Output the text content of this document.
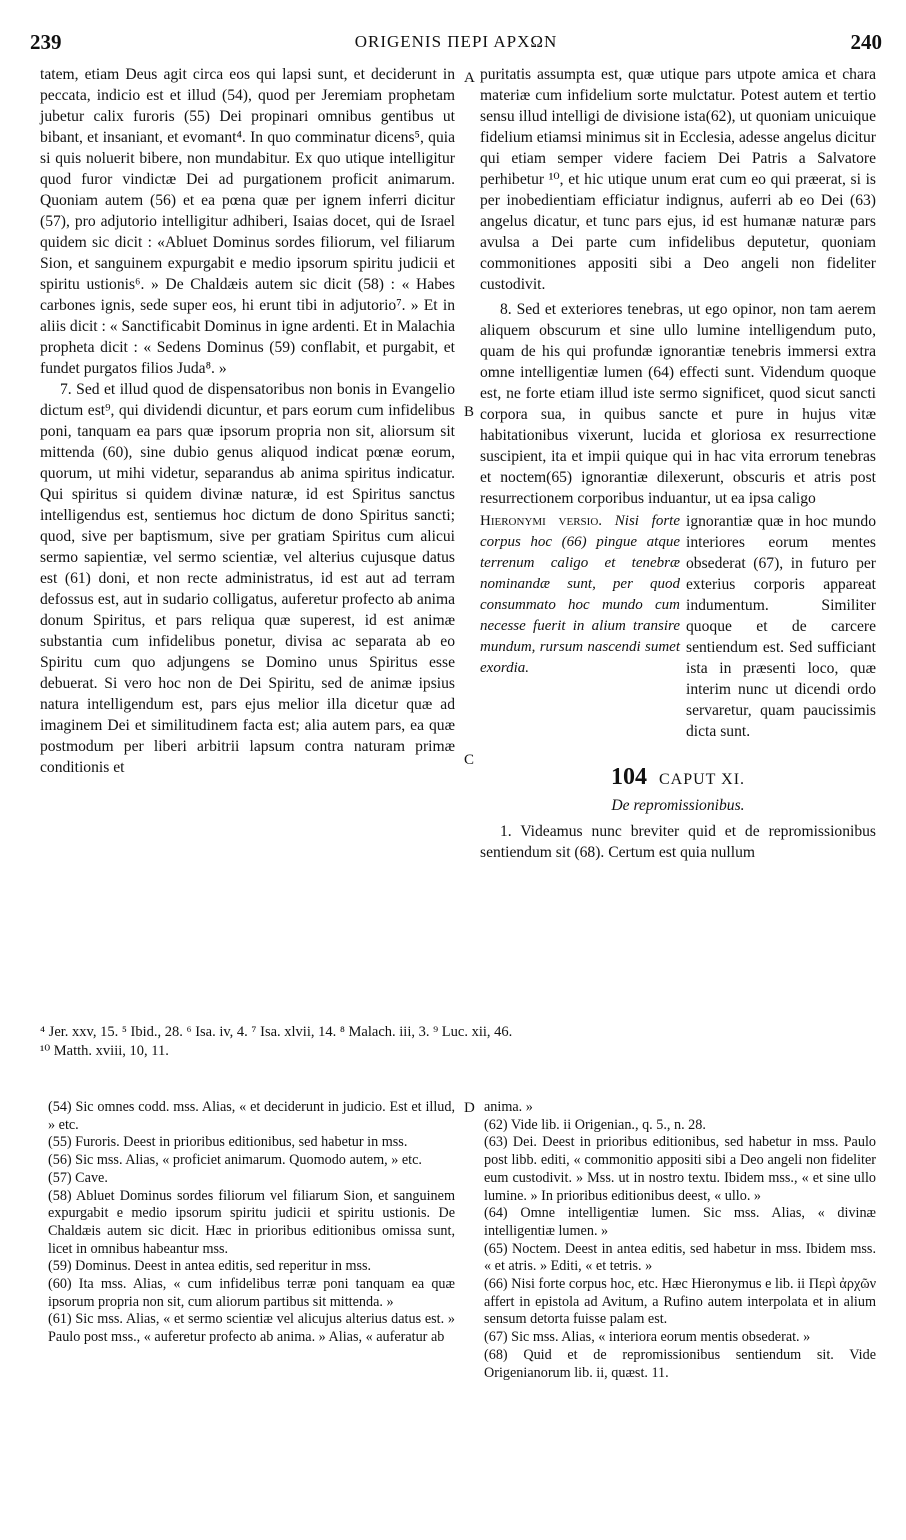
239	ORIGENIS ΠΕΡΙ ΑΡΧΩΝ	240
A
B
C
D

tatem, etiam Deus agit circa eos qui lapsi sunt, et deciderunt in peccata, indicio est et illud (54), quod per Jeremiam prophetam jubetur calix furoris (55) Dei propinari omnibus gentibus ut bibant, et insaniant, et evomant⁴. In quo comminatur dicens⁵, quia si quis noluerit bibere, non mundabitur. Ex quo utique intelligitur quod furor vindictæ Dei ad purgationem proficit animarum. Quoniam autem (56) et ea pœna quæ per ignem inferri dicitur (57), pro adjutorio intelligitur adhiberi, Isaias docet, qui de Israel quidem sic dicit : «Abluet Dominus sordes filiorum, vel filiarum Sion, et sanguinem expurgabit e medio ipsorum spiritu judicii et spiritu ustionis⁶. » De Chaldæis autem sic dicit (58) : « Habes carbones ignis, sede super eos, hi erunt tibi in adjutorio⁷. » Et in aliis dicit : « Sanctificabit Dominus in igne ardenti. Et in Malachia propheta dicit : « Sedens Dominus (59) conflabit, et purgabit, et fundet purgatos filios Juda⁸. »

7. Sed et illud quod de dispensatoribus non bonis in Evangelio dictum est⁹, qui dividendi dicuntur, et pars eorum cum infidelibus poni, tanquam ea pars quæ ipsorum propria non sit, aliorsum sit mittenda (60), sine dubio genus aliquod indicat pœnæ eorum, quorum, ut mihi videtur, separandus ab anima spiritus indicatur. Qui spiritus si quidem divinæ naturæ, id est Spiritus sanctus intelligendus est, sentiemus hoc dictum de dono Spiritus sancti; quod, sive per baptismum, sive per gratiam Spiritus cum alicui sermo sapientiæ, vel sermo scientiæ, vel alterius cujusque datus est (61) doni, et non recte administratus, id est aut ad terram defossus est, aut in sudario colligatus, auferetur profecto ab anima donum Spiritus, et pars reliqua quæ superest, id est animæ substantia cum infidelibus ponetur, divisa ac separata ab eo Spiritu cum quo adjungens se Domino unus Spiritus esse debuerat. Si vero hoc non de Dei Spiritu, sed de animæ ipsius natura intelligendum est, pars ejus melior illa dicetur quæ ad imaginem Dei et similitudinem facta est; alia autem pars, ea quæ postmodum per liberi arbitrii lapsum contra naturam primæ conditionis et

puritatis assumpta est, quæ utique pars utpote amica et chara materiæ cum infidelium sorte mulctatur. Potest autem et tertio sensu illud intelligi de divisione ista(62), ut quoniam unicuique fidelium etiamsi minimus sit in Ecclesia, adesse angelus dicitur qui etiam semper videre faciem Dei Patris a Salvatore perhibetur ¹⁰, et hic utique unum erat cum eo qui præerat, si is per inobedientiam efficiatur indignus, auferri ab eo Dei (63) angelus dicatur, et tunc pars ejus, id est humanæ naturæ pars avulsa a Dei parte cum infidelibus deputetur, quoniam commonitiones appositi sibi a Deo angeli non fideliter custodivit.

8. Sed et exteriores tenebras, ut ego opinor, non tam aerem aliquem obscurum et sine ullo lumine intelligendum puto, quam de his qui profundæ ignorantiæ tenebris immersi extra omne intelligentiæ lumen (64) effecti sunt. Videndum quoque est, ne forte etiam illud iste sermo significet, quod sicut sancti corpora sua, in quibus sancte et pure in hujus vitæ habitationibus vixerunt, lucida et gloriosa ex resurrectione suscipient, ita et impii quique qui in hac vita errorum tenebras et noctem(65) ignorantiæ dilexerunt, obscuris et atris post resurrectionem corporibus induantur, ut ea ipsa caligo

Hieronymi versio. Nisi forte corpus hoc (66) pingue atque terrenum caligo et tenebræ nominandæ sunt, per quod consummato hoc mundo cum necesse fuerit in alium transire mundum, rursum nascendi sumet exordia.
ignorantiæ quæ in hoc mundo interiores eorum mentes obsederat (67), in futuro per exterius corporis appareat indumentum. Similiter quoque et de carcere sentiendum est. Sed sufficiant ista in præsenti loco, quæ interim nunc ut dicendi ordo servaretur, quam paucissimis dicta sunt.
104 CAPUT XI.
De repromissionibus.

1. Videamus nunc breviter quid et de repromissionibus sentiendum sit (68). Certum est quia nullum

⁴ Jer. xxv, 15. ⁵ Ibid., 28. ⁶ Isa. iv, 4. ⁷ Isa. xlvii, 14. ⁸ Malach. iii, 3. ⁹ Luc. xii, 46.

¹⁰ Matth. xviii, 10, 11.

(54) Sic omnes codd. mss. Alias, « et deciderunt in judicio. Est et illud, » etc.

(55) Furoris. Deest in prioribus editionibus, sed habetur in mss.

(56) Sic mss. Alias, « proficiet animarum. Quomodo autem, » etc.

(57) Cave.

(58) Abluet Dominus sordes filiorum vel filiarum Sion, et sanguinem expurgabit e medio ipsorum spiritu judicii et spiritu ustionis. De Chaldæis autem sic dicit. Hæc in prioribus editionibus omissa sunt, licet in omnibus habeantur mss.

(59) Dominus. Deest in antea editis, sed reperitur in mss.

(60) Ita mss. Alias, « cum infidelibus terræ poni tanquam ea quæ ipsorum propria non sit, cum aliorum partibus sit mittenda. »

(61) Sic mss. Alias, « et sermo scientiæ vel alicujus alterius datus est. » Paulo post mss., « auferetur profecto ab anima. » Alias, « auferatur ab

anima. »

(62) Vide lib. ii Origenian., q. 5., n. 28.

(63) Dei. Deest in prioribus editionibus, sed habetur in mss. Paulo post libb. editi, « commonitio appositi sibi a Deo angeli non fideliter eum custodivit. » Mss. ut in nostro textu. Ibidem mss., « et sine ullo lumine. » In prioribus editionibus deest, « ullo. »

(64) Omne intelligentiæ lumen. Sic mss. Alias, « divinæ intelligentiæ lumen. »

(65) Noctem. Deest in antea editis, sed habetur in mss. Ibidem mss. « et atris. » Editi, « et tetris. »

(66) Nisi forte corpus hoc, etc. Hæc Hieronymus e lib. ii Περὶ ἀρχῶν affert in epistola ad Avitum, a Rufino autem interpolata et in alium sensum detorta fuisse palam est.

(67) Sic mss. Alias, « interiora eorum mentis obsederat. »

(68) Quid et de repromissionibus sentiendum sit. Vide Origenianorum lib. ii, quæst. 11.
